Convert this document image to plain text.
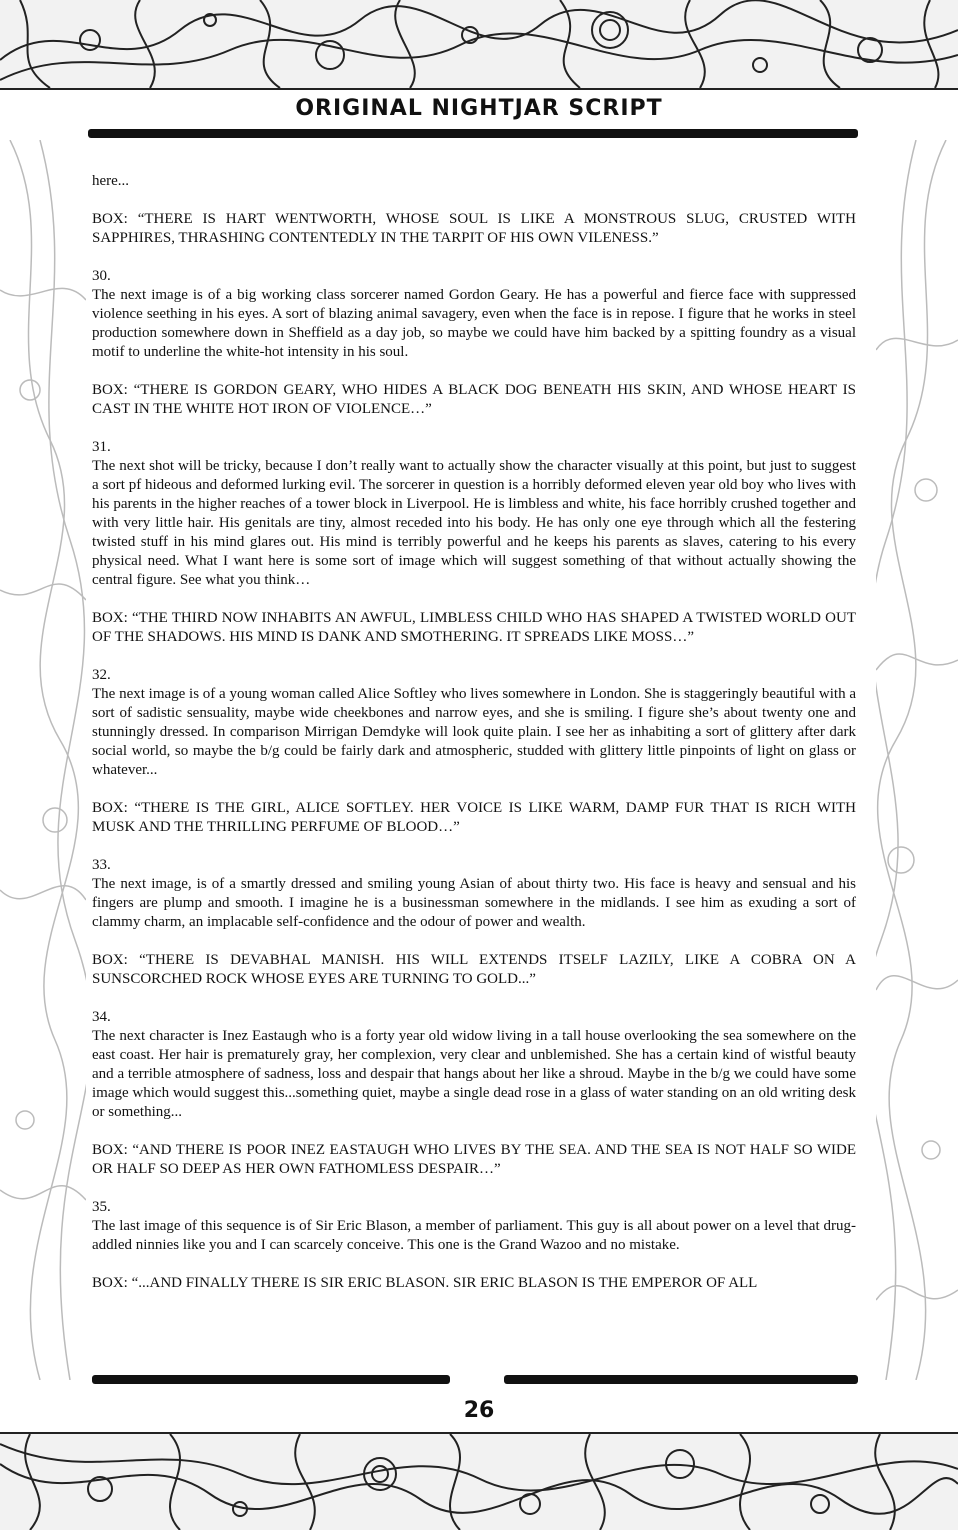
ORIGINAL NIGHTJAR SCRIPT

here...

BOX: “THERE IS HART WENTWORTH, WHOSE SOUL IS LIKE A MONSTROUS SLUG, CRUSTED WITH SAPPHIRES, THRASHING CONTENTEDLY IN THE TARPIT OF HIS OWN VILENESS.”

30.
The next image is of a big working class sorcerer named Gordon Geary. He has a powerful and fierce face with suppressed violence seething in his eyes. A sort of blazing animal savagery, even when the face is in repose. I figure that he works in steel production somewhere down in Sheffield as a day job, so maybe we could have him backed by a spitting foundry as a visual motif to underline the white-hot intensity in his soul.

BOX: “THERE IS GORDON GEARY, WHO HIDES A BLACK DOG BENEATH HIS SKIN, AND WHOSE HEART IS CAST IN THE WHITE HOT IRON OF VIOLENCE…”

31.
The next shot will be tricky, because I don’t really want to actually show the character visually at this point, but just to suggest a sort pf hideous and deformed lurking evil. The sorcerer in question is a horribly deformed eleven year old boy who lives with his parents in the higher reaches of a tower block in Liverpool. He is limbless and white, his face horribly crushed together and with very little hair. His genitals are tiny, almost receded into his body. He has only one eye through which all the festering twisted stuff in his mind glares out. His mind is terribly powerful and he keeps his parents as slaves, catering to his every physical need. What I want here is some sort of image which will suggest something of that without actually showing the central figure. See what you think…

BOX: “THE THIRD NOW INHABITS AN AWFUL, LIMBLESS CHILD WHO HAS SHAPED A TWISTED WORLD OUT OF THE SHADOWS. HIS MIND IS DANK AND SMOTHERING. IT SPREADS LIKE MOSS…”

32.
The next image is of a young woman called Alice Softley who lives somewhere in London. She is staggeringly beautiful with a sort of sadistic sensuality, maybe wide cheekbones and narrow eyes, and she is smiling. I figure she’s about twenty one and stunningly dressed. In comparison Mirrigan Demdyke will look quite plain. I see her as inhabiting a sort of glittery after dark social world, so maybe the b/g could be fairly dark and atmospheric, studded with glittery little pinpoints of light on glass or whatever...

BOX: “THERE IS THE GIRL, ALICE SOFTLEY. HER VOICE IS LIKE WARM, DAMP FUR THAT IS RICH WITH MUSK AND THE THRILLING PERFUME OF BLOOD…”

33.
The next image, is of a smartly dressed and smiling young Asian of about thirty two. His face is heavy and sensual and his fingers are plump and smooth. I imagine he is a businessman somewhere in the midlands. I see him as exuding a sort of clammy charm, an implacable self-confidence and the odour of power and wealth.

BOX: “THERE IS DEVABHAL MANISH. HIS WILL EXTENDS ITSELF LAZILY, LIKE A COBRA ON A SUNSCORCHED ROCK WHOSE EYES ARE TURNING TO GOLD...”

34.
The next character is Inez Eastaugh who is a forty year old widow living in a tall house overlooking the sea somewhere on the east coast. Her hair is prematurely gray, her complexion, very clear and unblemished. She has a certain kind of wistful beauty and a terrible atmosphere of sadness, loss and despair that hangs about her like a shroud. Maybe in the b/g we could have some image which would suggest this...something quiet, maybe a single dead rose in a glass of water standing on an old writing desk or something...

BOX: “AND THERE IS POOR INEZ EASTAUGH WHO LIVES BY THE SEA. AND THE SEA IS NOT HALF SO WIDE OR HALF SO DEEP AS HER OWN FATHOMLESS DESPAIR…”

35.
The last image of this sequence is of Sir Eric Blason, a member of parliament. This guy is all about power on a level that drug-addled ninnies like you and I can scarcely conceive. This one is the Grand Wazoo and no mistake.

BOX: “...AND FINALLY THERE IS SIR ERIC BLASON. SIR ERIC BLASON IS THE EMPEROR OF ALL

26
